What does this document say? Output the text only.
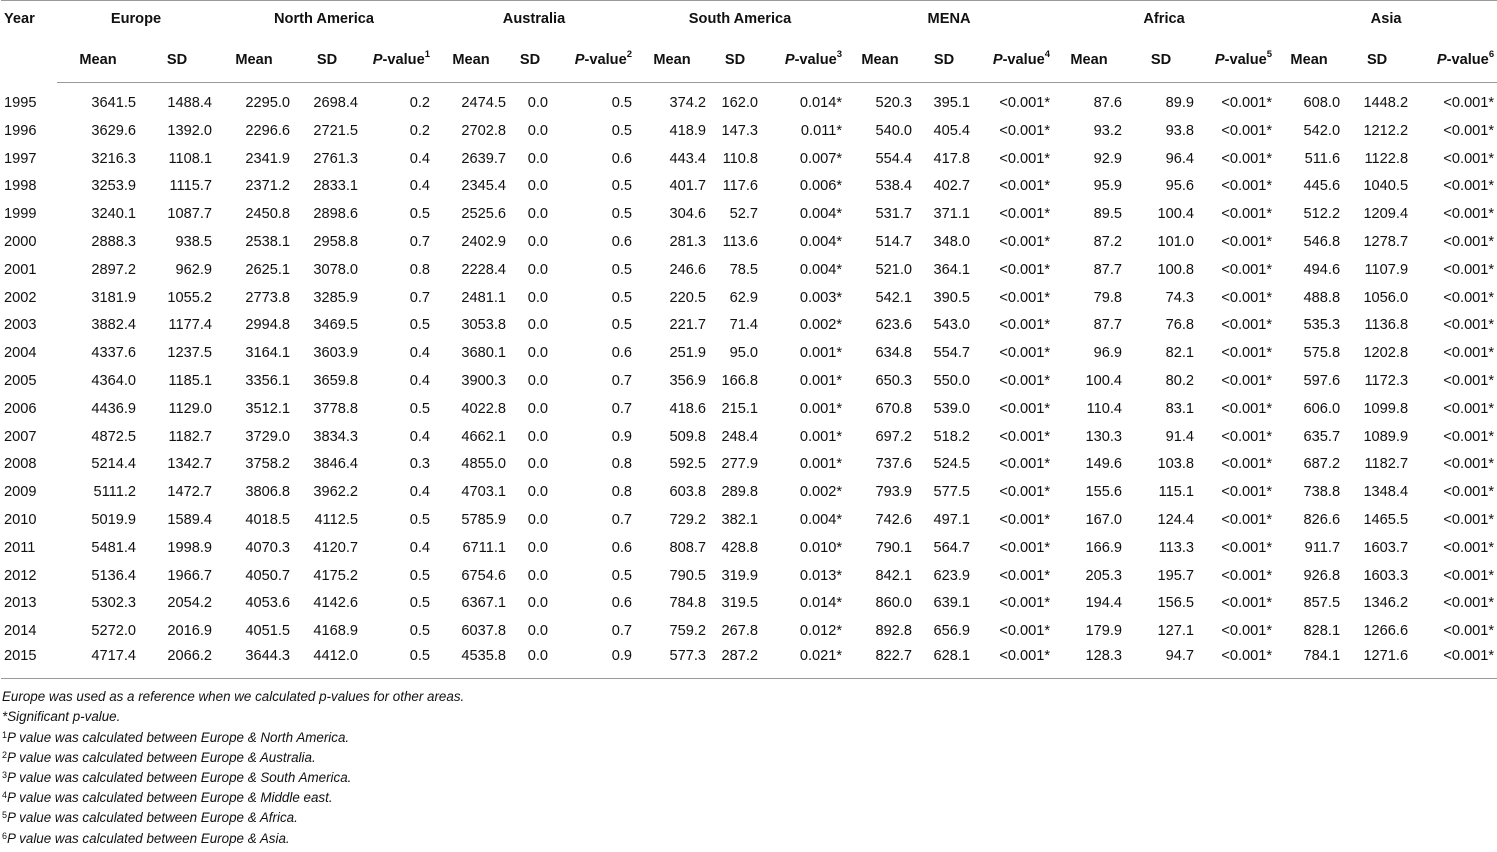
Year	Europe		North America			Australia			South America			MENA			Africa			Asia		
	Mean	SD	Mean	SD	P-value$^1$	Mean	SD	P-value$^2$	Mean	SD	P-value$^3$	Mean	SD	P-value$^4$	Mean	SD	P-value$^5$	Mean	SD	P-value$^6$
1995	3641.5	1488.4	2295.0	2698.4	0.2	2474.5	0.0	0.5	374.2	162.0	0.014*	520.3	395.1	<0.001*	87.6	89.9	<0.001*	608.0	1448.2	<0.001*
1996	3629.6	1392.0	2296.6	2721.5	0.2	2702.8	0.0	0.5	418.9	147.3	0.011*	540.0	405.4	<0.001*	93.2	93.8	<0.001*	542.0	1212.2	<0.001*
1997	3216.3	1108.1	2341.9	2761.3	0.4	2639.7	0.0	0.6	443.4	110.8	0.007*	554.4	417.8	<0.001*	92.9	96.4	<0.001*	511.6	1122.8	<0.001*
1998	3253.9	1115.7	2371.2	2833.1	0.4	2345.4	0.0	0.5	401.7	117.6	0.006*	538.4	402.7	<0.001*	95.9	95.6	<0.001*	445.6	1040.5	<0.001*
1999	3240.1	1087.7	2450.8	2898.6	0.5	2525.6	0.0	0.5	304.6	52.7	0.004*	531.7	371.1	<0.001*	89.5	100.4	<0.001*	512.2	1209.4	<0.001*
2000	2888.3	938.5	2538.1	2958.8	0.7	2402.9	0.0	0.6	281.3	113.6	0.004*	514.7	348.0	<0.001*	87.2	101.0	<0.001*	546.8	1278.7	<0.001*
2001	2897.2	962.9	2625.1	3078.0	0.8	2228.4	0.0	0.5	246.6	78.5	0.004*	521.0	364.1	<0.001*	87.7	100.8	<0.001*	494.6	1107.9	<0.001*
2002	3181.9	1055.2	2773.8	3285.9	0.7	2481.1	0.0	0.5	220.5	62.9	0.003*	542.1	390.5	<0.001*	79.8	74.3	<0.001*	488.8	1056.0	<0.001*
2003	3882.4	1177.4	2994.8	3469.5	0.5	3053.8	0.0	0.5	221.7	71.4	0.002*	623.6	543.0	<0.001*	87.7	76.8	<0.001*	535.3	1136.8	<0.001*
2004	4337.6	1237.5	3164.1	3603.9	0.4	3680.1	0.0	0.6	251.9	95.0	0.001*	634.8	554.7	<0.001*	96.9	82.1	<0.001*	575.8	1202.8	<0.001*
2005	4364.0	1185.1	3356.1	3659.8	0.4	3900.3	0.0	0.7	356.9	166.8	0.001*	650.3	550.0	<0.001*	100.4	80.2	<0.001*	597.6	1172.3	<0.001*
2006	4436.9	1129.0	3512.1	3778.8	0.5	4022.8	0.0	0.7	418.6	215.1	0.001*	670.8	539.0	<0.001*	110.4	83.1	<0.001*	606.0	1099.8	<0.001*
2007	4872.5	1182.7	3729.0	3834.3	0.4	4662.1	0.0	0.9	509.8	248.4	0.001*	697.2	518.2	<0.001*	130.3	91.4	<0.001*	635.7	1089.9	<0.001*
2008	5214.4	1342.7	3758.2	3846.4	0.3	4855.0	0.0	0.8	592.5	277.9	0.001*	737.6	524.5	<0.001*	149.6	103.8	<0.001*	687.2	1182.7	<0.001*
2009	5111.2	1472.7	3806.8	3962.2	0.4	4703.1	0.0	0.8	603.8	289.8	0.002*	793.9	577.5	<0.001*	155.6	115.1	<0.001*	738.8	1348.4	<0.001*
2010	5019.9	1589.4	4018.5	4112.5	0.5	5785.9	0.0	0.7	729.2	382.1	0.004*	742.6	497.1	<0.001*	167.0	124.4	<0.001*	826.6	1465.5	<0.001*
2011	5481.4	1998.9	4070.3	4120.7	0.4	6711.1	0.0	0.6	808.7	428.8	0.010*	790.1	564.7	<0.001*	166.9	113.3	<0.001*	911.7	1603.7	<0.001*
2012	5136.4	1966.7	4050.7	4175.2	0.5	6754.6	0.0	0.5	790.5	319.9	0.013*	842.1	623.9	<0.001*	205.3	195.7	<0.001*	926.8	1603.3	<0.001*
2013	5302.3	2054.2	4053.6	4142.6	0.5	6367.1	0.0	0.6	784.8	319.5	0.014*	860.0	639.1	<0.001*	194.4	156.5	<0.001*	857.5	1346.2	<0.001*
2014	5272.0	2016.9	4051.5	4168.9	0.5	6037.8	0.0	0.7	759.2	267.8	0.012*	892.8	656.9	<0.001*	179.9	127.1	<0.001*	828.1	1266.6	<0.001*
2015	4717.4	2066.2	3644.3	4412.0	0.5	4535.8	0.0	0.9	577.3	287.2	0.021*	822.7	628.1	<0.001*	128.3	94.7	<0.001*	784.1	1271.6	<0.001*
Europe was used as a reference when we calculated p-values for other areas.
*Significant p-value.
$^1$P value was calculated between Europe & North America.
$^2$P value was calculated between Europe & Australia.
$^3$P value was calculated between Europe & South America.
$^4$P value was calculated between Europe & Middle east.
$^5$P value was calculated between Europe & Africa.
$^6$P value was calculated between Europe & Asia.
